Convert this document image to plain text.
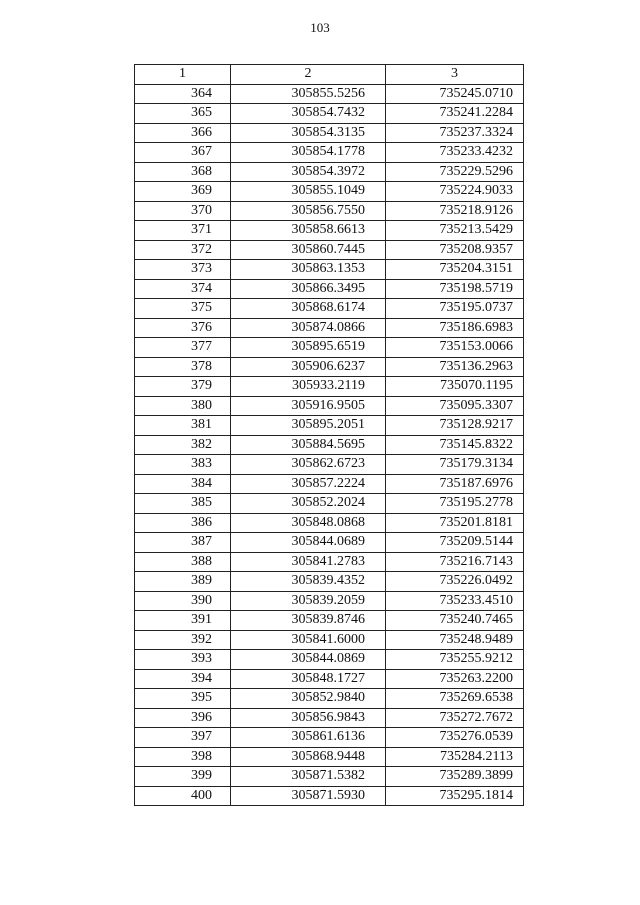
103
1	2	3
364	305855.5256	735245.0710
365	305854.7432	735241.2284
366	305854.3135	735237.3324
367	305854.1778	735233.4232
368	305854.3972	735229.5296
369	305855.1049	735224.9033
370	305856.7550	735218.9126
371	305858.6613	735213.5429
372	305860.7445	735208.9357
373	305863.1353	735204.3151
374	305866.3495	735198.5719
375	305868.6174	735195.0737
376	305874.0866	735186.6983
377	305895.6519	735153.0066
378	305906.6237	735136.2963
379	305933.2119	735070.1195
380	305916.9505	735095.3307
381	305895.2051	735128.9217
382	305884.5695	735145.8322
383	305862.6723	735179.3134
384	305857.2224	735187.6976
385	305852.2024	735195.2778
386	305848.0868	735201.8181
387	305844.0689	735209.5144
388	305841.2783	735216.7143
389	305839.4352	735226.0492
390	305839.2059	735233.4510
391	305839.8746	735240.7465
392	305841.6000	735248.9489
393	305844.0869	735255.9212
394	305848.1727	735263.2200
395	305852.9840	735269.6538
396	305856.9843	735272.7672
397	305861.6136	735276.0539
398	305868.9448	735284.2113
399	305871.5382	735289.3899
400	305871.5930	735295.1814
